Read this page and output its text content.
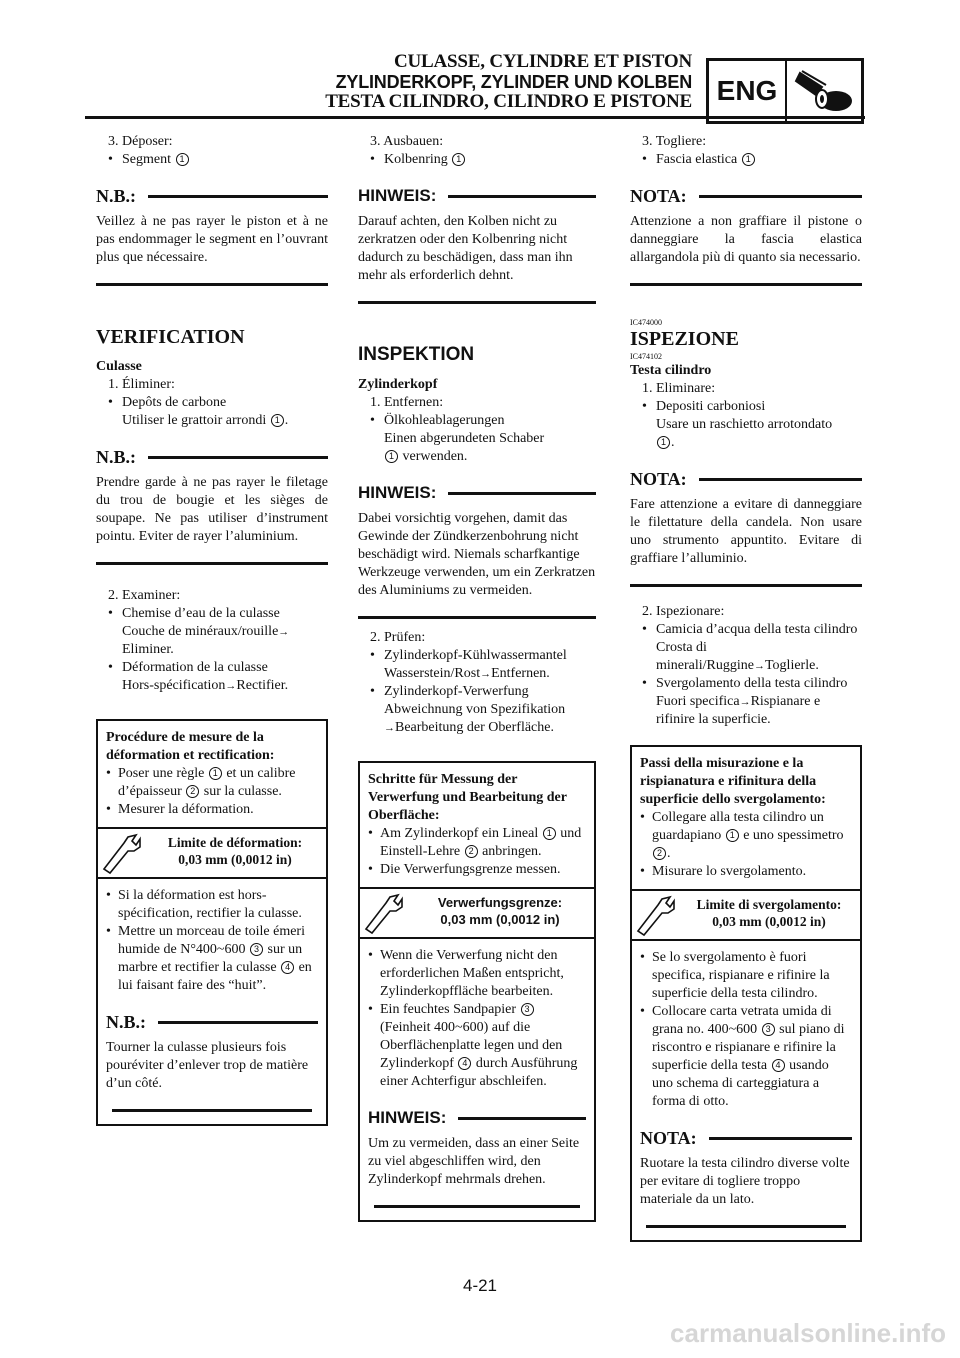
CULASSE, CYLINDRE ET PISTON
ZYLINDERKOPF, ZYLINDER UND KOLBEN
TESTA CILINDRO, CILINDRO E PISTONE ENG
3. Déposer:
• Segment 1
N.B.:
Veillez à ne pas rayer le piston et à ne pas endommager le segment en l’ouvrant plus que nécessaire.
VERIFICATION
Culasse
1. Éliminer:
• Depôts de carbone
Utiliser le grattoir arrondi 1 .
N.B.:
Prendre garde à ne pas rayer le filetage du trou de bougie et les sièges de soupape. Ne pas utiliser d’instrument pointu. Eviter de rayer l’aluminium.
2. Examiner:
• Chemise d’eau de la culasse
Couche de minéraux/rouille→
Eliminer.
• Déformation de la culasse
Hors-spécification→Rectifier.
Procédure de mesure de la déformation et rectification:
• Poser une règle 1 et un calibre d’épaisseur 2 sur la culasse.
• Mesurer la déformation.
Limite de déformation:
0,03 mm (0,0012 in)
• Si la déformation est hors-spécification, rectifier la culasse.
• Mettre un morceau de toile émeri humide de N°400~600 3 sur un marbre et rectifier la culasse 4 en lui faisant faire des “huit”.
N.B.:
Tourner la culasse plusieurs fois pouréviter d’enlever trop de matière d’un côté.
3. Ausbauen:
• Kolbenring 1
HINWEIS:
Darauf achten, den Kolben nicht zu zerkratzen oder den Kolbenring nicht dadurch zu beschädigen, dass man ihn mehr als erforderlich dehnt.
INSPEKTION
Zylinderkopf
1. Entfernen:
• Ölkohleablagerungen
Einen abgerundeten Schaber
1 verwenden.
HINWEIS:
Dabei vorsichtig vorgehen, damit das Gewinde der Zündkerzenbohrung nicht beschädigt wird. Niemals scharfkantige Werkzeuge verwenden, um ein Zerkratzen des Aluminiums zu vermeiden.
2. Prüfen:
• Zylinderkopf-Kühlwassermantel
Wasserstein/Rost→Entfernen.
• Zylinderkopf-Verwerfung
Abweichnung von Spezifikation
→Bearbeitung der Oberfläche.
Schritte für Messung der Verwerfung und Bearbeitung der Oberfläche:
• Am Zylinderkopf ein Lineal 1 und Einstell-Lehre 2 anbringen.
• Die Verwerfungsgrenze messen.
Verwerfungsgrenze:
0,03 mm (0,0012 in)
• Wenn die Verwerfung nicht den erforderlichen Maßen entspricht, Zylinderkopffläche bearbeiten.
• Ein feuchtes Sandpapier 3 (Feinheit 400~600) auf die Oberflächenplatte legen und den Zylinderkopf 4 durch Ausführung einer Achterfigur abschleifen.
HINWEIS:
Um zu vermeiden, dass an einer Seite zu viel abgeschliffen wird, den Zylinderkopf mehrmals drehen.
3. Togliere:
• Fascia elastica 1
NOTA:
Attenzione a non graffiare il pistone o danneggiare la fascia elastica allargandola più di quanto sia necessario.
IC474000
ISPEZIONE
IC474102
Testa cilindro
1. Eliminare:
• Depositi carboniosi
Usare un raschietto arrotondato
1 .
NOTA:
Fare attenzione a evitare di danneggiare le filettature della candela. Non usare uno strumento appuntito. Evitare di graffiare l’alluminio.
2. Ispezionare:
• Camicia d’acqua della testa cilindro
Crosta di minerali/Ruggine→Toglierle.
• Svergolamento della testa cilindro
Fuori specifica→Rispianare e rifinire la superficie.
Passi della misurazione e la rispianatura e rifinitura della superficie dello svergolamento:
• Collegare alla testa cilindro un guardapiano 1 e uno spessimetro 2 .
• Misurare lo svergolamento.
Limite di svergolamento:
0,03 mm (0,0012 in)
• Se lo svergolamento è fuori specifica, rispianare e rifinire la superficie della testa cilindro.
• Collocare carta vetrata umida di grana no. 400~600 3 sul piano di riscontro e rispianare e rifinire la superficie della testa 4 usando uno schema di carteggiatura a forma di otto.
NOTA:
Ruotare la testa cilindro diverse volte per evitare di togliere troppo materiale da un lato.
4-21
carmanualsonline.info
